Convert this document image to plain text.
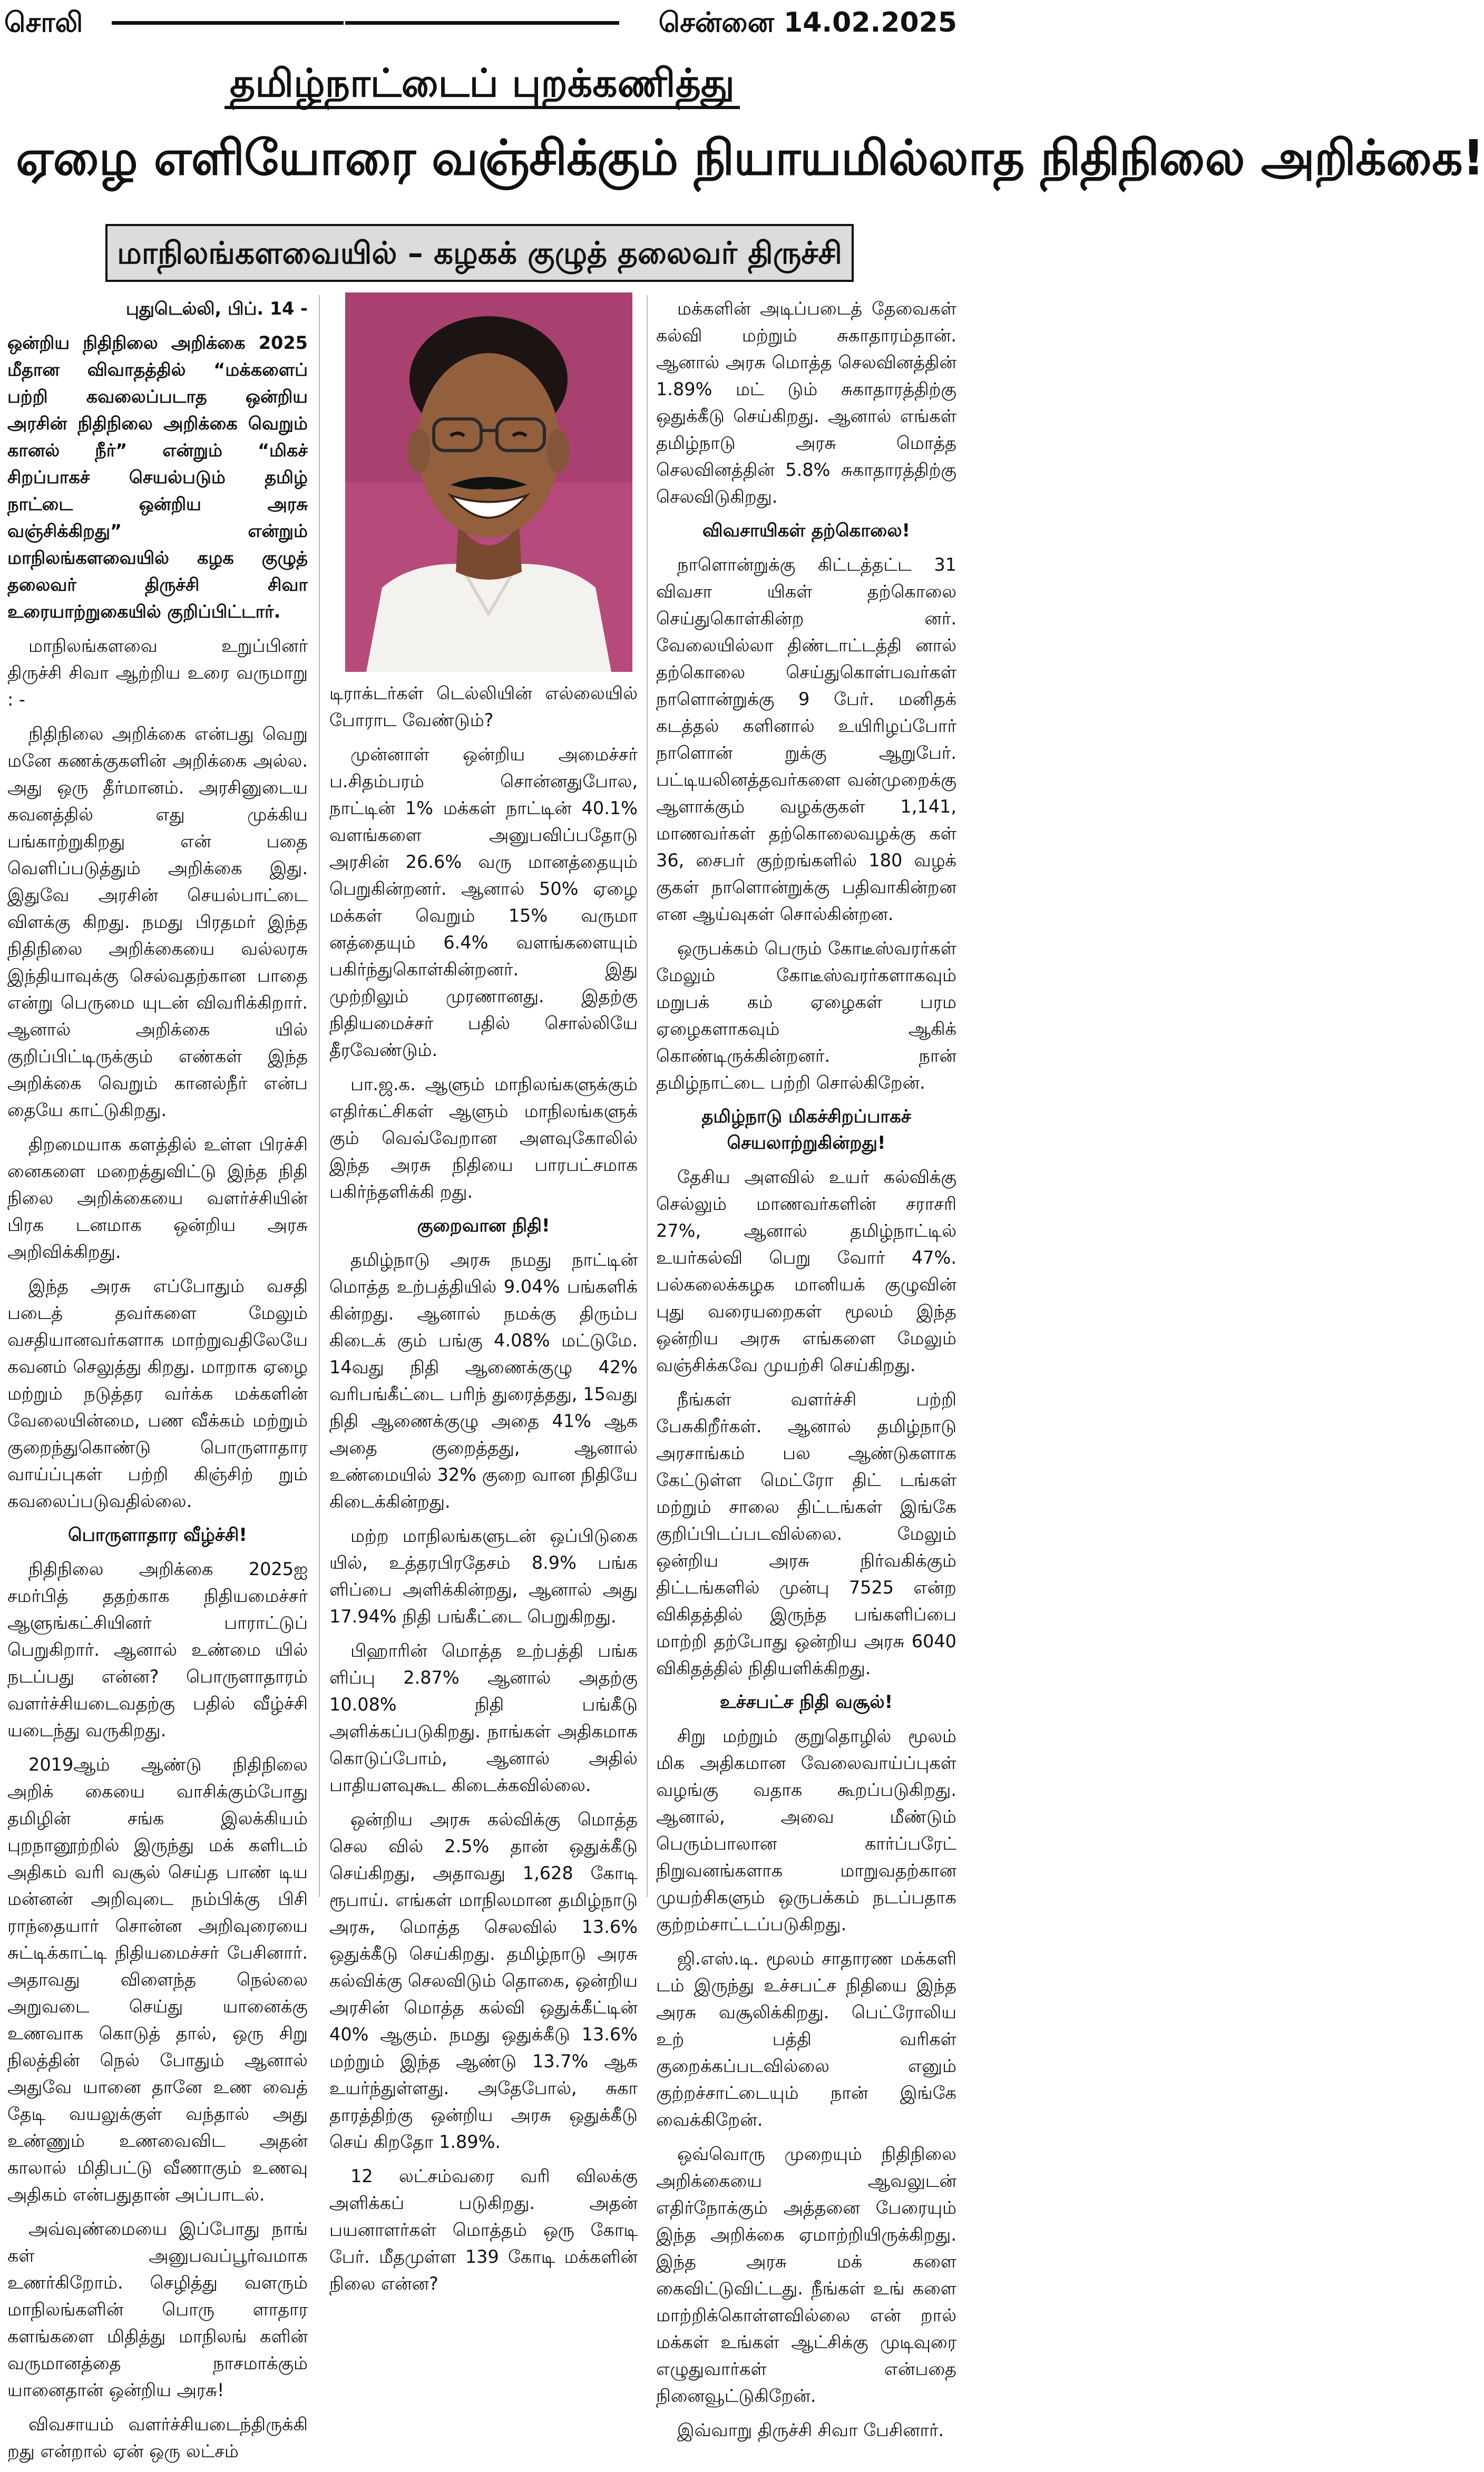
சொலி	சென்னை 14.02.2025
தமிழ்நாட்டைப் புறக்கணித்து
ஏழை எளியோரை வஞ்சிக்கும் நியாயமில்லாத நிதிநிலை அறிக்கை!
மாநிலங்களவையில் – கழகக் குழுத் தலைவர் திருச்சி

புதுடெல்லி, பிப். 14 -

ஒன்றிய நிதிநிலை அறிக்கை 2025 மீதான விவாதத்தில் “மக்களைப் பற்றி கவலைப்படாத ஒன்றிய அரசின் நிதிநிலை அறிக்கை வெறும் கானல் நீர்” என்றும் “மிகச் சிறப்பாகச் செயல்படும் தமிழ் நாட்டை ஒன்றிய அரசு வஞ்சிக்கிறது” என்றும் மாநிலங்களவையில் கழக குழுத் தலைவர் திருச்சி சிவா உரையாற்றுகையில் குறிப்பிட்டார்.

மாநிலங்களவை உறுப்பினர் திருச்சி சிவா ஆற்றிய உரை வருமாறு : -

நிதிநிலை அறிக்கை என்பது வெறு மனே கணக்குகளின் அறிக்கை அல்ல. அது ஒரு தீர்மானம். அரசினுடைய கவனத்தில் எது முக்கிய பங்காற்றுகிறது என் பதை வெளிப்படுத்தும் அறிக்கை இது. இதுவே அரசின் செயல்பாட்டை விளக்கு கிறது. நமது பிரதமர் இந்த நிதிநிலை அறிக்கையை வல்லரசு இந்தியாவுக்கு செல்வதற்கான பாதை என்று பெருமை யுடன் விவரிக்கிறார். ஆனால் அறிக்கை யில் குறிப்பிட்டிருக்கும் எண்கள் இந்த அறிக்கை வெறும் கானல்நீர் என்ப தையே காட்டுகிறது.

திறமையாக களத்தில் உள்ள பிரச்சி னைகளை மறைத்துவிட்டு இந்த நிதி நிலை அறிக்கையை வளர்ச்சியின் பிரக டனமாக ஒன்றிய அரசு அறிவிக்கிறது.

இந்த அரசு எப்போதும் வசதி படைத் தவர்களை மேலும் வசதியானவர்களாக மாற்றுவதிலேயே கவனம் செலுத்து கிறது. மாறாக ஏழை மற்றும் நடுத்தர வர்க்க மக்களின் வேலையின்மை, பண வீக்கம் மற்றும் குறைந்துகொண்டு பொருளாதார வாய்ப்புகள் பற்றி கிஞ்சிற் றும் கவலைப்படுவதில்லை.

பொருளாதார வீழ்ச்சி!

நிதிநிலை அறிக்கை 2025ஐ சமர்பித் ததற்காக நிதியமைச்சர் ஆளுங்கட்சியினர் பாராட்டுப் பெறுகிறார். ஆனால் உண்மை யில் நடப்பது என்ன? பொருளாதாரம் வளர்ச்சியடைவதற்கு பதில் வீழ்ச்சி யடைந்து வருகிறது.

2019ஆம் ஆண்டு நிதிநிலை அறிக் கையை வாசிக்கும்போது தமிழின் சங்க இலக்கியம் புறநானூற்றில் இருந்து மக் களிடம் அதிகம் வரி வசூல் செய்த பாண் டிய மன்னன் அறிவுடை நம்பிக்கு பிசி ராந்தையார் சொன்ன அறிவுரையை சுட்டிக்காட்டி நிதியமைச்சர் பேசினார். அதாவது விளைந்த நெல்லை அறுவடை செய்து யானைக்கு உணவாக கொடுத் தால், ஒரு சிறு நிலத்தின் நெல் போதும் ஆனால் அதுவே யானை தானே உண வைத் தேடி வயலுக்குள் வந்தால் அது உண்ணும் உணவைவிட அதன் காலால் மிதிபட்டு வீணாகும் உணவு அதிகம் என்பதுதான் அப்பாடல்.

அவ்வுண்மையை இப்போது நாங் கள் அனுபவப்பூர்வமாக உணர்கிறோம். செழித்து வளரும் மாநிலங்களின் பொரு ளாதார களங்களை மிதித்து மாநிலங் களின் வருமானத்தை நாசமாக்கும் யானைதான் ஒன்றிய அரசு!

விவசாயம் வளர்ச்சியடைந்திருக்கி றது என்றால் ஏன் ஒரு லட்சம்

டிராக்டர்கள் டெல்லியின் எல்லையில் போராட வேண்டும்?

முன்னாள் ஒன்றிய அமைச்சர் ப.சிதம்பரம் சொன்னதுபோல, நாட்டின் 1% மக்கள் நாட்டின் 40.1% வளங்களை அனுபவிப்பதோடு அரசின் 26.6% வரு மானத்தையும் பெறுகின்றனர். ஆனால் 50% ஏழை மக்கள் வெறும் 15% வருமா னத்தையும் 6.4% வளங்களையும் பகிர்ந்துகொள்கின்றனர். இது முற்றிலும் முரணானது. இதற்கு நிதியமைச்சர் பதில் சொல்லியே தீரவேண்டும்.

பா.ஜ.க. ஆளும் மாநிலங்களுக்கும் எதிர்கட்சிகள் ஆளும் மாநிலங்களுக் கும் வெவ்வேறான அளவுகோலில் இந்த அரசு நிதியை பாரபட்சமாக பகிர்ந்தளிக்கி றது.

குறைவான நிதி!

தமிழ்நாடு அரசு நமது நாட்டின் மொத்த உற்பத்தியில் 9.04% பங்களிக் கின்றது. ஆனால் நமக்கு திரும்ப கிடைக் கும் பங்கு 4.08% மட்டுமே. 14வது நிதி ஆணைக்குழு 42% வரிபங்கீட்டை பரிந் துரைத்தது, 15வது நிதி ஆணைக்குழு அதை 41% ஆக அதை குறைத்தது, ஆனால் உண்மையில் 32% குறை வான நிதியே கிடைக்கின்றது.

மற்ற மாநிலங்களுடன் ஒப்பிடுகை யில், உத்தரபிரதேசம் 8.9% பங்க ளிப்பை அளிக்கின்றது, ஆனால் அது 17.94% நிதி பங்கீட்டை பெறுகிறது.

பிஹாரின் மொத்த உற்பத்தி பங்க ளிப்பு 2.87% ஆனால் அதற்கு 10.08% நிதி பங்கீடு அளிக்கப்படுகிறது. நாங்கள் அதிகமாக கொடுப்போம், ஆனால் அதில் பாதியளவுகூட கிடைக்கவில்லை.

ஒன்றிய அரசு கல்விக்கு மொத்த செல வில் 2.5% தான் ஒதுக்கீடு செய்கிறது, அதாவது 1,628 கோடி ரூபாய். எங்கள் மாநிலமான தமிழ்நாடு அரசு, மொத்த செலவில் 13.6% ஒதுக்கீடு செய்கிறது. தமிழ்நாடு அரசு கல்விக்கு செலவிடும் தொகை, ஒன்றிய அரசின் மொத்த கல்வி ஒதுக்கீட்டின் 40% ஆகும். நமது ஒதுக்கீடு 13.6% மற்றும் இந்த ஆண்டு 13.7% ஆக உயர்ந்துள்ளது. அதேபோல், சுகா தாரத்திற்கு ஒன்றிய அரசு ஒதுக்கீடு செய் கிறதோ 1.89%.

12 லட்சம்வரை வரி விலக்கு அளிக்கப் படுகிறது. அதன் பயனாளர்கள் மொத்தம் ஒரு கோடி பேர். மீதமுள்ள 139 கோடி மக்களின் நிலை என்ன?

மக்களின் அடிப்படைத் தேவைகள் கல்வி மற்றும் சுகாதாரம்தான். ஆனால் அரசு மொத்த செலவினத்தின் 1.89% மட் டும் சுகாதாரத்திற்கு ஒதுக்கீடு செய்கிறது. ஆனால் எங்கள் தமிழ்நாடு அரசு மொத்த செலவினத்தின் 5.8% சுகாதாரத்திற்கு செலவிடுகிறது.

விவசாயிகள் தற்கொலை!

நாளொன்றுக்கு கிட்டத்தட்ட 31 விவசா யிகள் தற்கொலை செய்துகொள்கின்ற னர். வேலையில்லா திண்டாட்டத்தி னால் தற்கொலை செய்துகொள்பவர்கள் நாளொன்றுக்கு 9 பேர். மனிதக் கடத்தல் களினால் உயிரிழப்போர் நாளொன் றுக்கு ஆறுபேர். பட்டியலினத்தவர்களை வன்முறைக்கு ஆளாக்கும் வழக்குகள் 1,141, மாணவர்கள் தற்கொலைவழக்கு கள் 36, சைபர் குற்றங்களில் 180 வழக் குகள் நாளொன்றுக்கு பதிவாகின்றன என ஆய்வுகள் சொல்கின்றன.

ஒருபக்கம் பெரும் கோடீஸ்வரர்கள் மேலும் கோடீஸ்வரர்களாகவும் மறுபக் கம் ஏழைகள் பரம ஏழைகளாகவும் ஆகிக் கொண்டிருக்கின்றனர். நான் தமிழ்நாட்டை பற்றி சொல்கிறேன்.

தமிழ்நாடு மிகச்சிறப்பாகச் செயலாற்றுகின்றது!

தேசிய அளவில் உயர் கல்விக்கு செல்லும் மாணவர்களின் சராசரி 27%, ஆனால் தமிழ்நாட்டில் உயர்கல்வி பெறு வோர் 47%. பல்கலைக்கழக மானியக் குழுவின் புது வரையறைகள் மூலம் இந்த ஒன்றிய அரசு எங்களை மேலும் வஞ்சிக்கவே முயற்சி செய்கிறது.

நீங்கள் வளர்ச்சி பற்றி பேசுகிறீர்கள். ஆனால் தமிழ்நாடு அரசாங்கம் பல ஆண்டுகளாக கேட்டுள்ள மெட்ரோ திட் டங்கள் மற்றும் சாலை திட்டங்கள் இங்கே குறிப்பிடப்படவில்லை. மேலும் ஒன்றிய அரசு நிர்வகிக்கும் திட்டங்களில் முன்பு 7525 என்ற விகிதத்தில் இருந்த பங்களிப்பை மாற்றி தற்போது ஒன்றிய அரசு 6040 விகிதத்தில் நிதியளிக்கிறது.

உச்சபட்ச நிதி வசூல்!

சிறு மற்றும் குறுதொழில் மூலம் மிக அதிகமான வேலைவாய்ப்புகள் வழங்கு வதாக கூறப்படுகிறது. ஆனால், அவை மீண்டும் பெரும்பாலான கார்ப்பரேட் நிறுவனங்களாக மாறுவதற்கான முயற்சிகளும் ஒருபக்கம் நடப்பதாக குற்றம்சாட்டப்படுகிறது.

ஜி.எஸ்.டி. மூலம் சாதாரண மக்களி டம் இருந்து உச்சபட்ச நிதியை இந்த அரசு வசூலிக்கிறது. பெட்ரோலிய உற் பத்தி வரிகள் குறைக்கப்படவில்லை எனும் குற்றச்சாட்டையும் நான் இங்கே வைக்கிறேன்.

ஒவ்வொரு முறையும் நிதிநிலை அறிக்கையை ஆவலுடன் எதிர்நோக்கும் அத்தனை பேரையும் இந்த அறிக்கை ஏமாற்றியிருக்கிறது. இந்த அரசு மக் களை கைவிட்டுவிட்டது. நீங்கள் உங் களை மாற்றிக்கொள்ளவில்லை என் றால் மக்கள் உங்கள் ஆட்சிக்கு முடிவுரை எழுதுவார்கள் என்பதை நினைவூட்டுகிறேன்.

இவ்வாறு திருச்சி சிவா பேசினார்.
